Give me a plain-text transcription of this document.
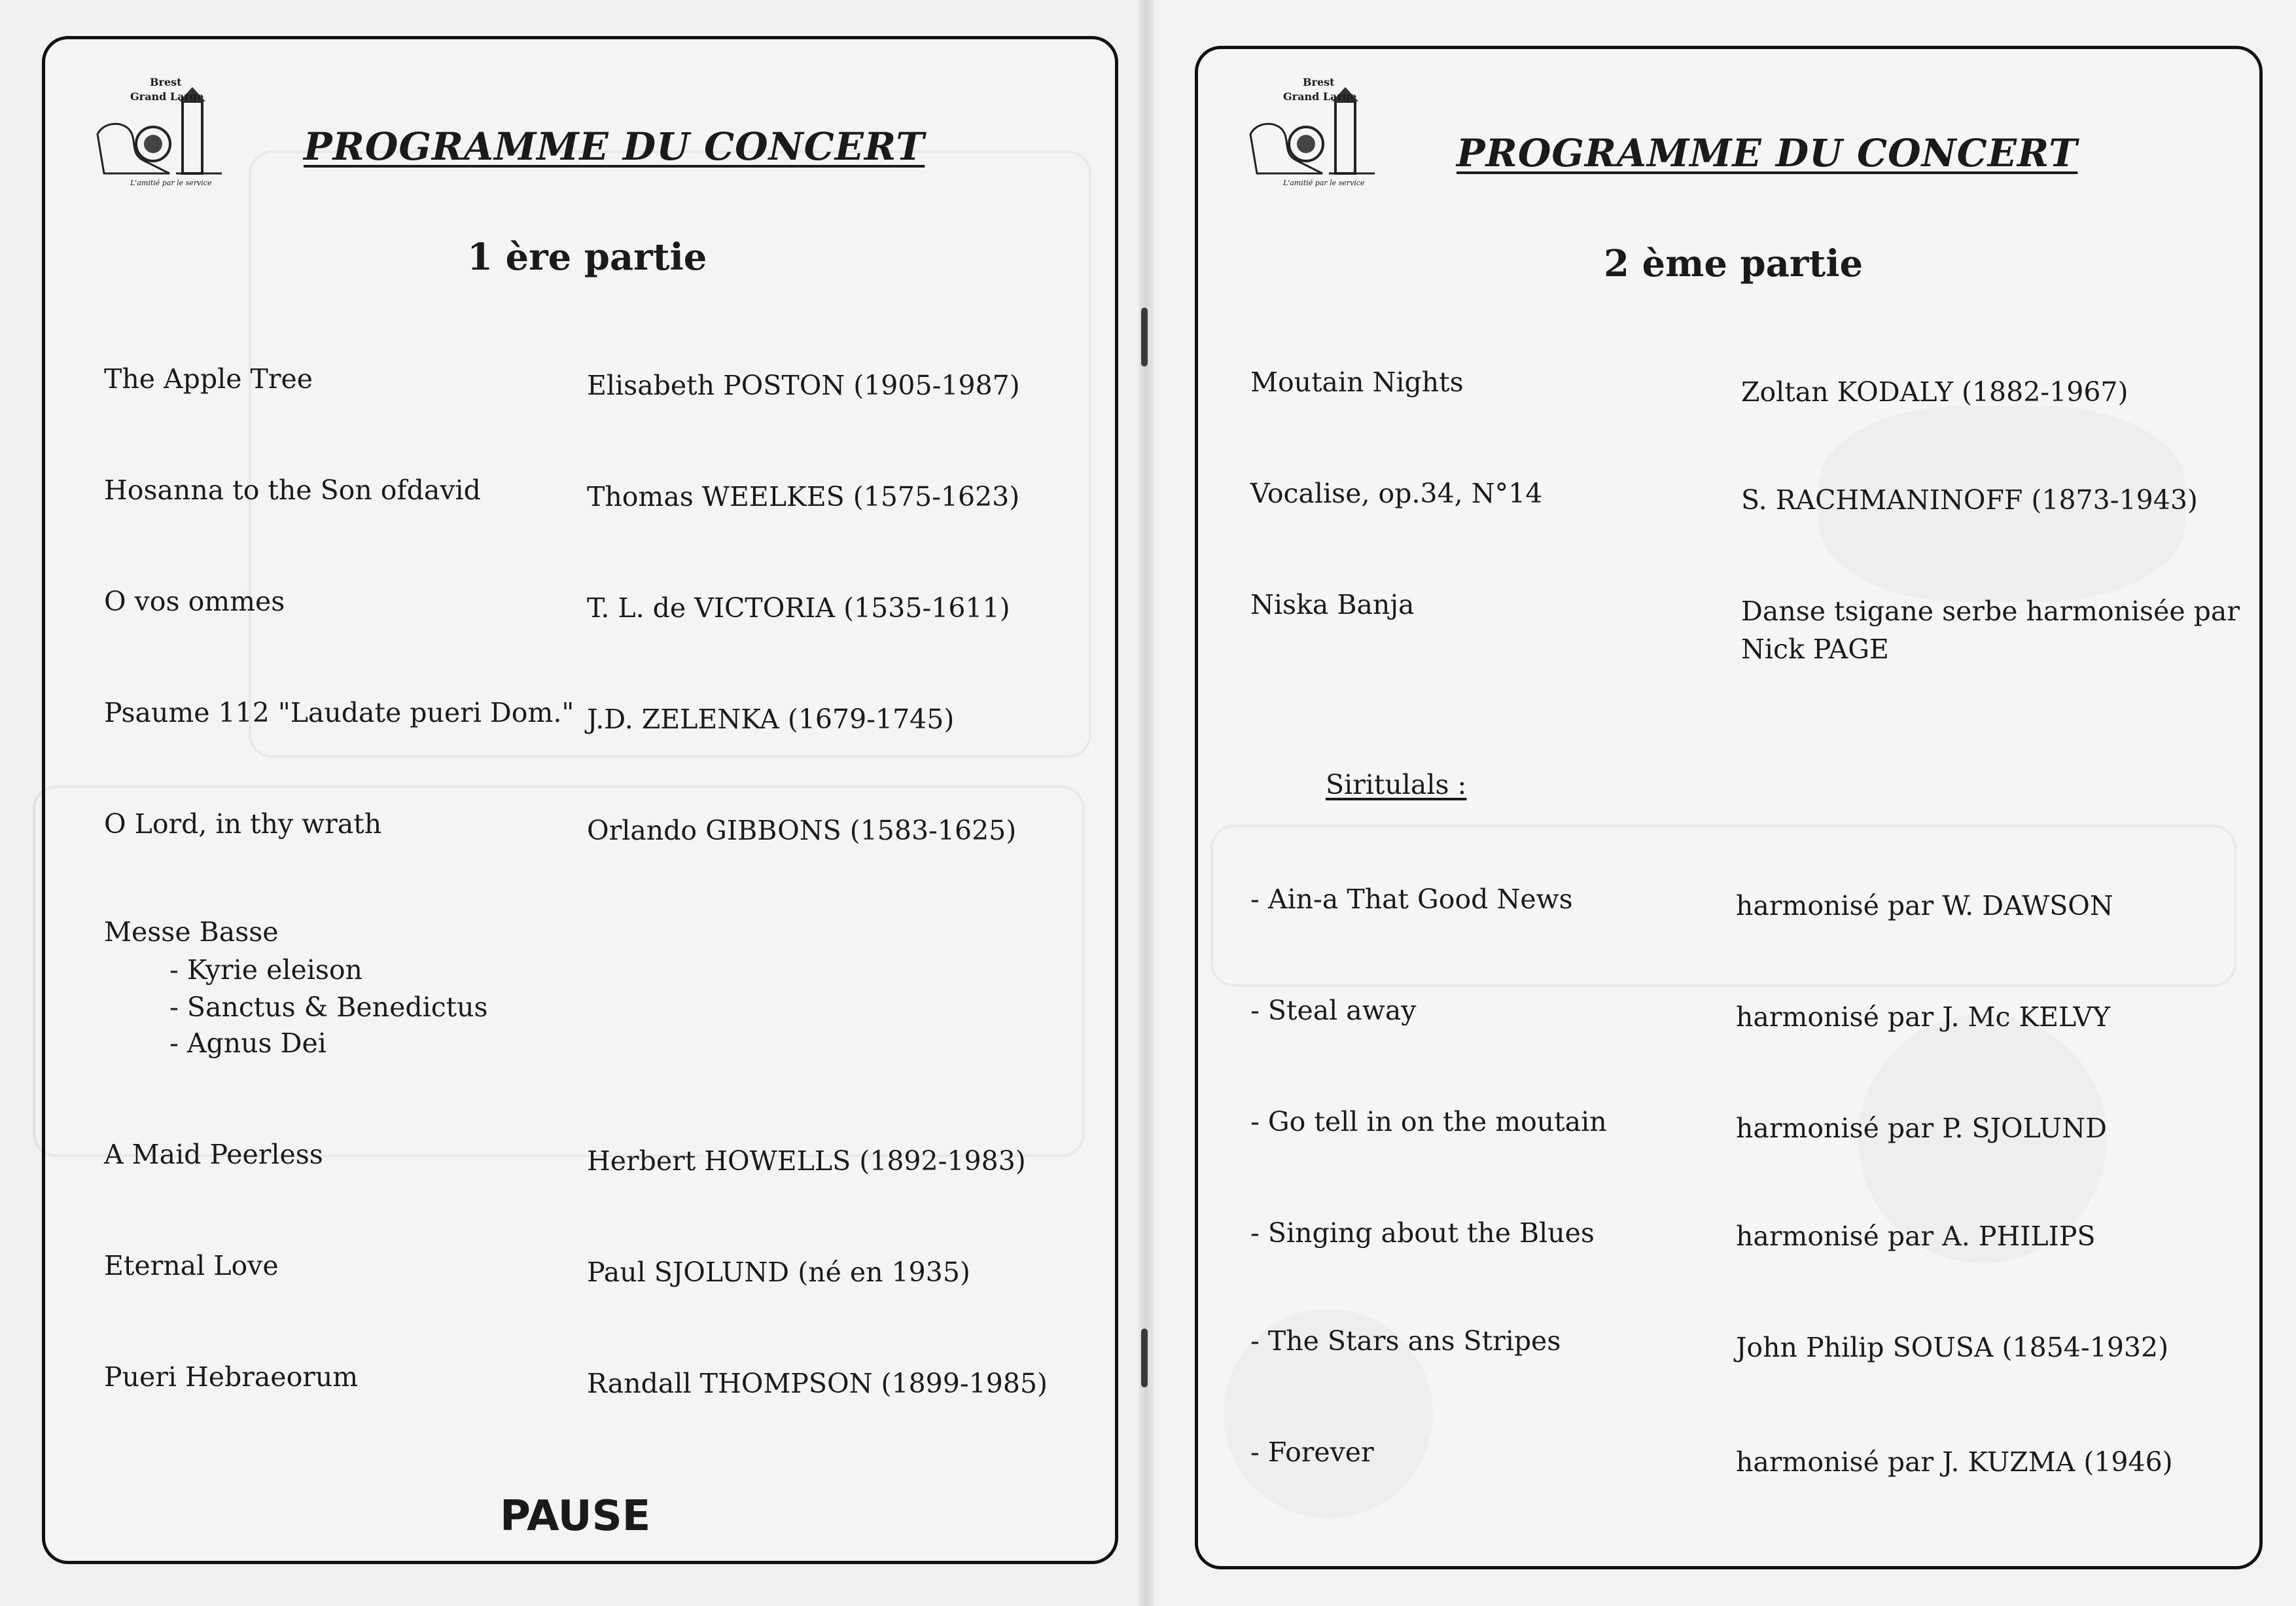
Brest
Grand Large
L'amitié par le service
PROGRAMME DU CONCERT
1 ère partie
The Apple Tree	Elisabeth POSTON (1905-1987)
Hosanna to the Son ofdavid	Thomas WEELKES (1575-1623)
O vos ommes	T. L. de VICTORIA (1535-1611)
Psaume 112 "Laudate pueri Dom." J.D. ZELENKA (1679-1745)
O Lord, in thy wrath	Orlando GIBBONS (1583-1625)
Messe Basse
- Kyrie eleison
- Sanctus & Benedictus
- Agnus Dei
A Maid Peerless	Herbert HOWELLS (1892-1983)
Eternal Love	Paul SJOLUND (né en 1935)
Pueri Hebraeorum	Randall THOMPSON (1899-1985)
PAUSE
Brest
Grand Large
L'amitié par le service
PROGRAMME DU CONCERT
2 ème partie
Moutain Nights	Zoltan KODALY (1882-1967)
Vocalise, op.34, N°14	S. RACHMANINOFF (1873-1943)
Niska Banja	Danse tsigane serbe harmonisée par
Nick PAGE
Siritulals :
- Ain-a That Good News	harmonisé par W. DAWSON
- Steal away	harmonisé par J. Mc KELVY
- Go tell in on the moutain	harmonisé par P. SJOLUND
- Singing about the Blues	harmonisé par A. PHILIPS
- The Stars ans Stripes	John Philip SOUSA (1854-1932)
- Forever	harmonisé par J. KUZMA (1946)
